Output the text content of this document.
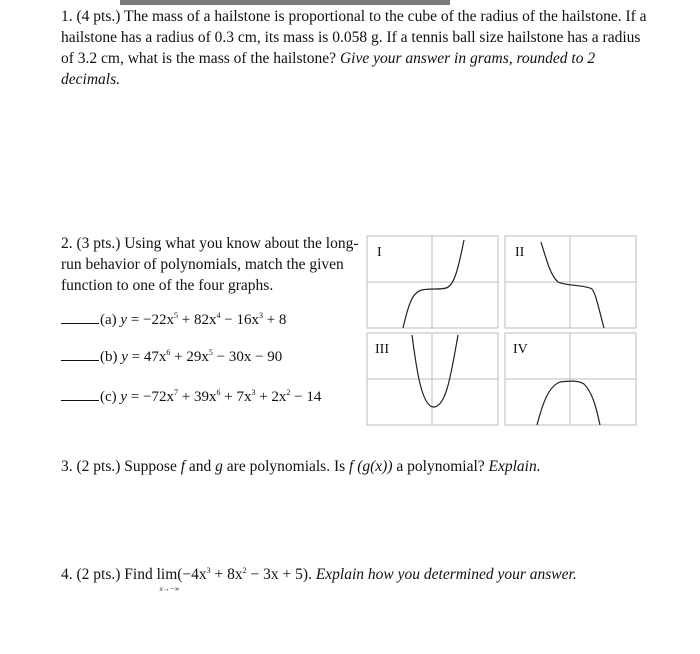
1. (4 pts.) The mass of a hailstone is proportional to the cube of the radius of the hailstone. If a hailstone has a radius of 0.3 cm, its mass is 0.058 g. If a tennis ball size hailstone has a radius of 3.2 cm, what is the mass of the hailstone? Give your answer in grams, rounded to 2 decimals.
2. (3 pts.) Using what you know about the long-run behavior of polynomials, match the given function to one of the four graphs.
(a) $y = -22x^5 + 82x^4 - 16x^3 + 8$
(b) $y = 47x^6 + 29x^5 - 30x - 90$
(c) $y = -72x^7 + 39x^6 + 7x^3 + 2x^2 - 14$
I	II
III	IV
3. (2 pts.) Suppose f and g are polynomials. Is f (g(x)) a polynomial? Explain.
4. (2 pts.) Find lim
x→−∞
$(-4x^3 + 8x^2 - 3x + 5)$. Explain how you determined your answer.
